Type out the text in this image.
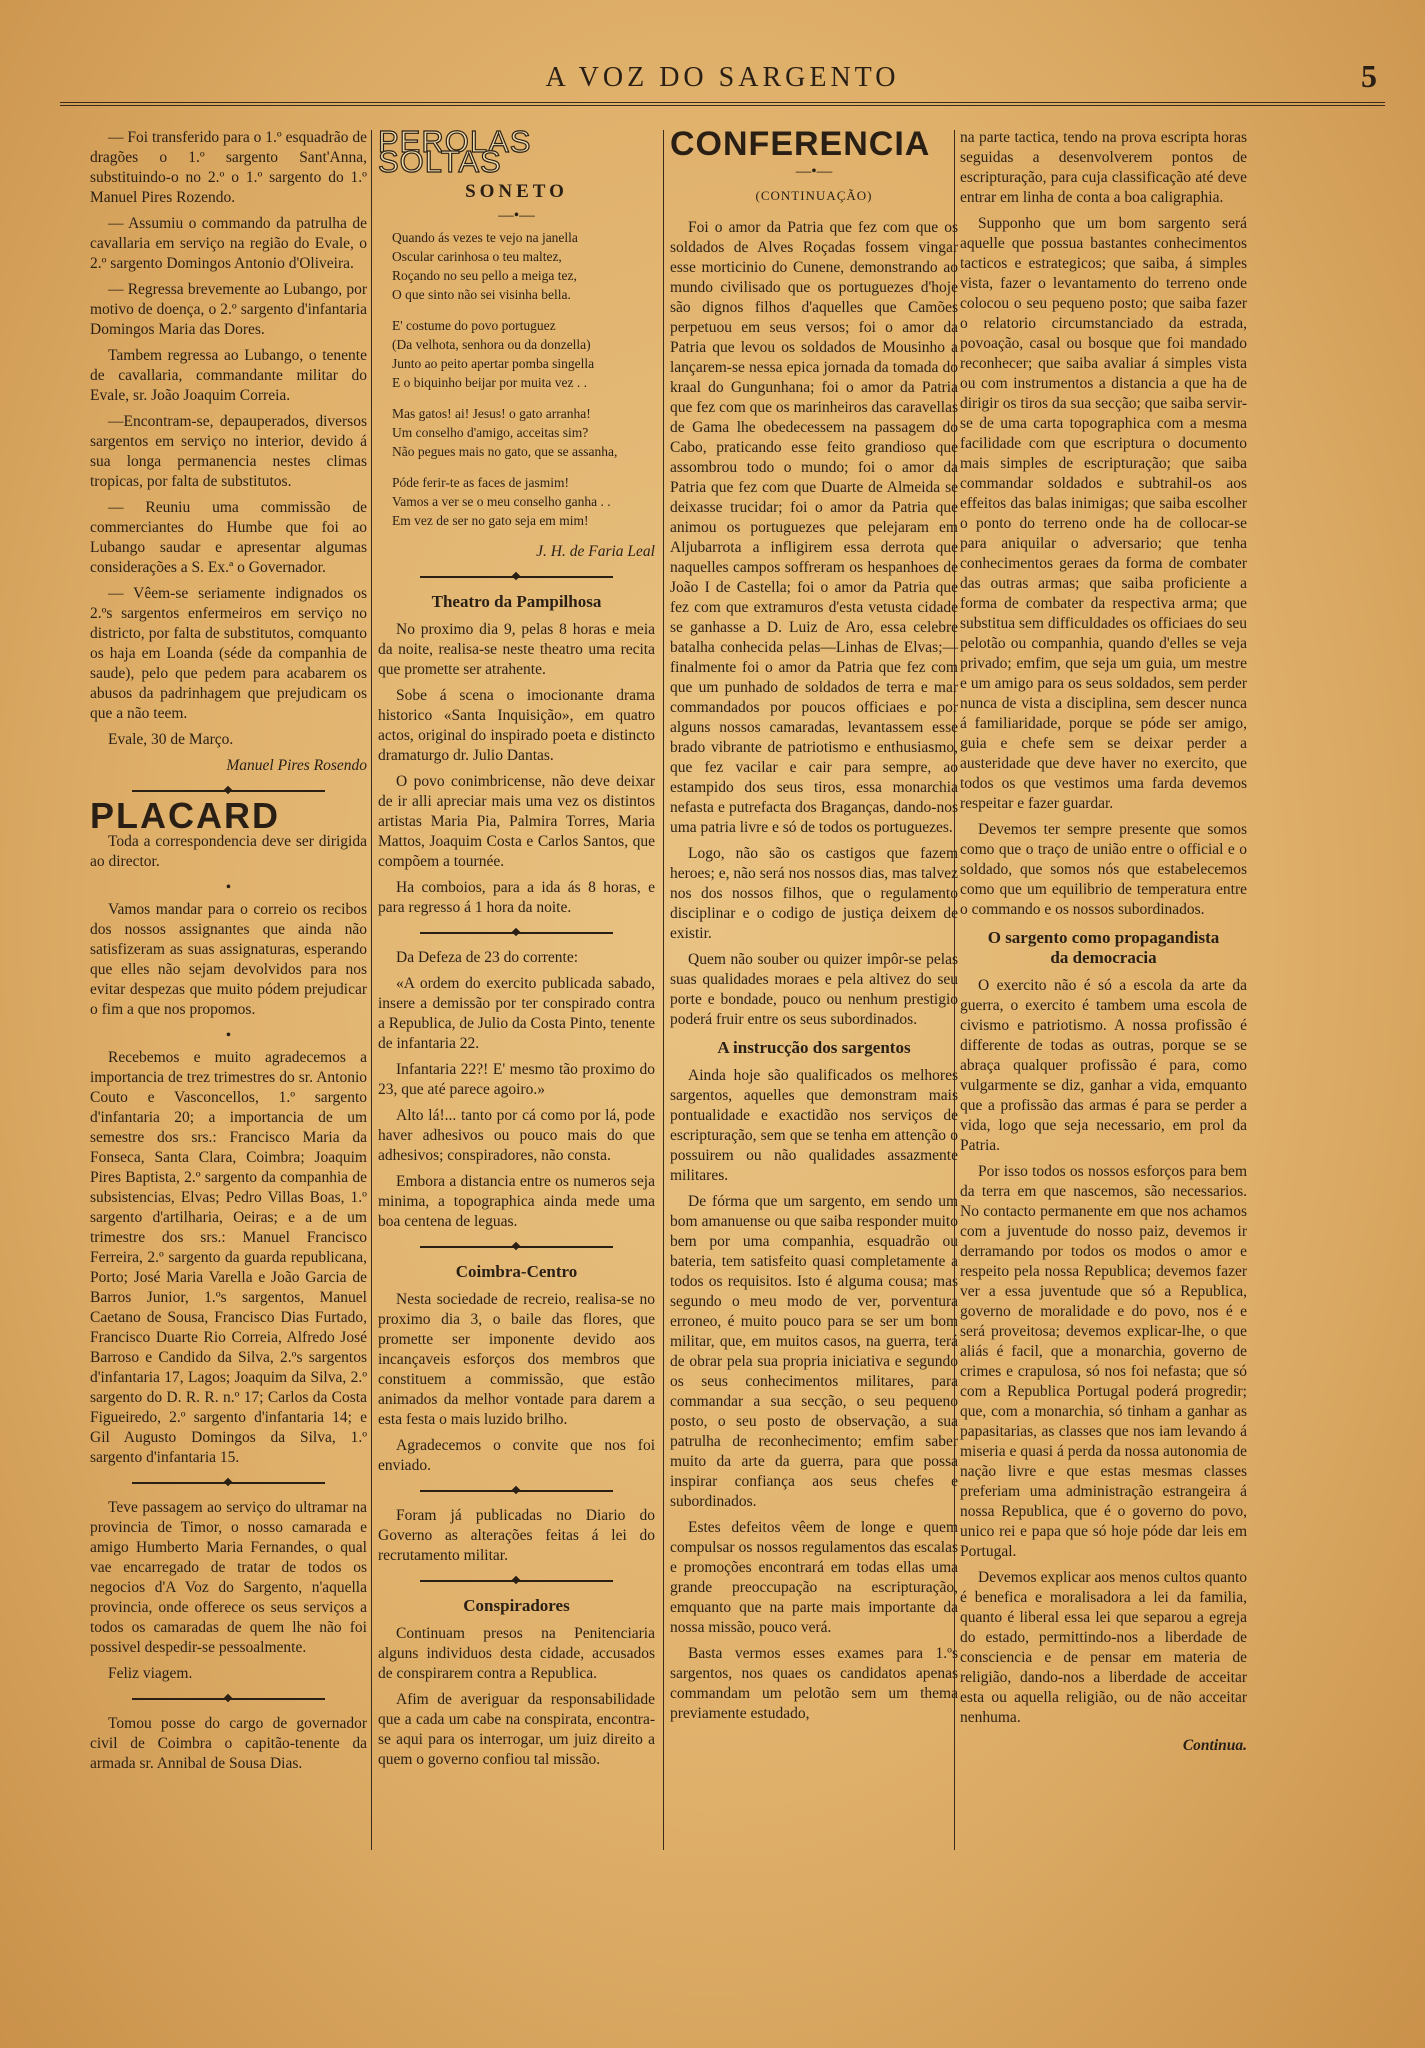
A VOZ DO SARGENTO	5

— Foi transferido para o 1.º esquadrão de dragões o 1.º sargento Sant'Anna, substituindo-o no 2.º o 1.º sargento do 1.º Manuel Pires Rozendo.

— Assumiu o commando da patrulha de cavallaria em serviço na região do Evale, o 2.º sargento Domingos Antonio d'Oliveira.

— Regressa brevemente ao Lubango, por motivo de doença, o 2.º sargento d'infantaria Domingos Maria das Dores.

Tambem regressa ao Lubango, o tenente de cavallaria, commandante militar do Evale, sr. João Joaquim Correia.

—Encontram-se, depauperados, diversos sargentos em serviço no interior, devido á sua longa permanencia nestes climas tropicas, por falta de substitutos.

— Reuniu uma commissão de commerciantes do Humbe que foi ao Lubango saudar e apresentar algumas considerações a S. Ex.ª o Governador.

— Vêem-se seriamente indignados os 2.ºs sargentos enfermeiros em serviço no districto, por falta de substitutos, comquanto os haja em Loanda (séde da companhia de saude), pelo que pedem para acabarem os abusos da padrinhagem que prejudicam os que a não teem.

Evale, 30 de Março.
Manuel Pires Rosendo
PLACARD

Toda a correspondencia deve ser dirigida ao director.

•

Vamos mandar para o correio os recibos dos nossos assignantes que ainda não satisfizeram as suas assignaturas, esperando que elles não sejam devolvidos para nos evitar despezas que muito pódem prejudicar o fim a que nos propomos.

•

Recebemos e muito agradecemos a importancia de trez trimestres do sr. Antonio Couto e Vasconcellos, 1.º sargento d'infantaria 20; a importancia de um semestre dos srs.: Francisco Maria da Fonseca, Santa Clara, Coimbra; Joaquim Pires Baptista, 2.º sargento da companhia de subsistencias, Elvas; Pedro Villas Boas, 1.º sargento d'artilharia, Oeiras; e a de um trimestre dos srs.: Manuel Francisco Ferreira, 2.º sargento da guarda republicana, Porto; José Maria Varella e João Garcia de Barros Junior, 1.ºs sargentos, Manuel Caetano de Sousa, Francisco Dias Furtado, Francisco Duarte Rio Correia, Alfredo José Barroso e Candido da Silva, 2.ºs sargentos d'infantaria 17, Lagos; Joaquim da Silva, 2.º sargento do D. R. R. n.º 17; Carlos da Costa Figueiredo, 2.º sargento d'infantaria 14; e Gil Augusto Domingos da Silva, 1.º sargento d'infantaria 15.

Teve passagem ao serviço do ultramar na provincia de Timor, o nosso camarada e amigo Humberto Maria Fernandes, o qual vae encarregado de tratar de todos os negocios d'A Voz do Sargento, n'aquella provincia, onde offerece os seus serviços a todos os camaradas de quem lhe não foi possivel despedir-se pessoalmente.

Feliz viagem.

Tomou posse do cargo de governador civil de Coimbra o capitão-tenente da armada sr. Annibal de Sousa Dias.

PEROLAS SOLTAS
SONETO
—•—
Quando ás vezes te vejo na janella
Oscular carinhosa o teu maltez,
Roçando no seu pello a meiga tez,
O que sinto não sei visinha bella.
E' costume do povo portuguez
(Da velhota, senhora ou da donzella)
Junto ao peito apertar pomba singella
E o biquinho beijar por muita vez . .
Mas gatos! ai! Jesus! o gato arranha!
Um conselho d'amigo, acceitas sim?
Não pegues mais no gato, que se assanha,
Póde ferir-te as faces de jasmim!
Vamos a ver se o meu conselho ganha . .
Em vez de ser no gato seja em mim!
J. H. de Faria Leal
Theatro da Pampilhosa

No proximo dia 9, pelas 8 horas e meia da noite, realisa-se neste theatro uma recita que promette ser atrahente.

Sobe á scena o imocionante drama historico «Santa Inquisição», em quatro actos, original do inspirado poeta e distincto dramaturgo dr. Julio Dantas.

O povo conimbricense, não deve deixar de ir alli apreciar mais uma vez os distintos artistas Maria Pia, Palmira Torres, Maria Mattos, Joaquim Costa e Carlos Santos, que compõem a tournée.

Ha comboios, para a ida ás 8 horas, e para regresso á 1 hora da noite.

Da Defeza de 23 do corrente:

«A ordem do exercito publicada sabado, insere a demissão por ter conspirado contra a Republica, de Julio da Costa Pinto, tenente de infantaria 22.

Infantaria 22?! E' mesmo tão proximo do 23, que até parece agoiro.»

Alto lá!... tanto por cá como por lá, pode haver adhesivos ou pouco mais do que adhesivos; conspiradores, não consta.

Embora a distancia entre os numeros seja minima, a topographica ainda mede uma boa centena de leguas.

Coimbra-Centro

Nesta sociedade de recreio, realisa-se no proximo dia 3, o baile das flores, que promette ser imponente devido aos incançaveis esforços dos membros que constituem a commissão, que estão animados da melhor vontade para darem a esta festa o mais luzido brilho.

Agradecemos o convite que nos foi enviado.

Foram já publicadas no Diario do Governo as alterações feitas á lei do recrutamento militar.

Conspiradores

Continuam presos na Penitenciaria alguns individuos desta cidade, accusados de conspirarem contra a Republica.

Afim de averiguar da responsabilidade que a cada um cabe na conspirata, encontra-se aqui para os interrogar, um juiz direito a quem o governo confiou tal missão.

CONFERENCIA
—•—
(CONTINUAÇÃO)

Foi o amor da Patria que fez com que os soldados de Alves Roçadas fossem vingar esse morticinio do Cunene, demonstrando ao mundo civilisado que os portuguezes d'hoje são dignos filhos d'aquelles que Camões perpetuou em seus versos; foi o amor da Patria que levou os soldados de Mousinho a lançarem-se nessa epica jornada da tomada do kraal do Gungunhana; foi o amor da Patria que fez com que os marinheiros das caravellas de Gama lhe obedecessem na passagem do Cabo, praticando esse feito grandioso que assombrou todo o mundo; foi o amor da Patria que fez com que Duarte de Almeida se deixasse trucidar; foi o amor da Patria que animou os portuguezes que pelejaram em Aljubarrota a infligirem essa derrota que naquelles campos soffreram os hespanhoes de João I de Castella; foi o amor da Patria que fez com que extramuros d'esta vetusta cidade se ganhasse a D. Luiz de Aro, essa celebre batalha conhecida pelas—Linhas de Elvas;—finalmente foi o amor da Patria que fez com que um punhado de soldados de terra e mar commandados por poucos officiaes e por alguns nossos camaradas, levantassem esse brado vibrante de patriotismo e enthusiasmo, que fez vacilar e cair para sempre, ao estampido dos seus tiros, essa monarchia nefasta e putrefacta dos Braganças, dando-nos uma patria livre e só de todos os portuguezes.

Logo, não são os castigos que fazem heroes; e, não será nos nossos dias, mas talvez nos dos nossos filhos, que o regulamento disciplinar e o codigo de justiça deixem de existir.

Quem não souber ou quizer impôr-se pelas suas qualidades moraes e pela altivez do seu porte e bondade, pouco ou nenhum prestigio poderá fruir entre os seus subordinados.

A instrucção dos sargentos

Ainda hoje são qualificados os melhores sargentos, aquelles que demonstram mais pontualidade e exactidão nos serviços de escripturação, sem que se tenha em attenção o possuirem ou não qualidades assazmente militares.

De fórma que um sargento, em sendo um bom amanuense ou que saiba responder muito bem por uma companhia, esquadrão ou bateria, tem satisfeito quasi completamente a todos os requisitos. Isto é alguma cousa; mas segundo o meu modo de ver, porventura erroneo, é muito pouco para se ser um bom militar, que, em muitos casos, na guerra, terá de obrar pela sua propria iniciativa e segundo os seus conhecimentos militares, para commandar a sua secção, o seu pequeno posto, o seu posto de observação, a sua patrulha de reconhecimento; emfim saber muito da arte da guerra, para que possa inspirar confiança aos seus chefes e subordinados.

Estes defeitos vêem de longe e quem compulsar os nossos regulamentos das escalas e promoções encontrará em todas ellas uma grande preoccupação na escripturação, emquanto que na parte mais importante da nossa missão, pouco verá.

Basta vermos esses exames para 1.ºs sargentos, nos quaes os candidatos apenas commandam um pelotão sem um thema previamente estudado,

na parte tactica, tendo na prova escripta horas seguidas a desenvolverem pontos de escripturação, para cuja classificação até deve entrar em linha de conta a boa caligraphia.

Supponho que um bom sargento será aquelle que possua bastantes conhecimentos tacticos e estrategicos; que saiba, á simples vista, fazer o levantamento do terreno onde colocou o seu pequeno posto; que saiba fazer o relatorio circumstanciado da estrada, povoação, casal ou bosque que foi mandado reconhecer; que saiba avaliar á simples vista ou com instrumentos a distancia a que ha de dirigir os tiros da sua secção; que saiba servir-se de uma carta topographica com a mesma facilidade com que escriptura o documento mais simples de escripturação; que saiba commandar soldados e subtrahil-os aos effeitos das balas inimigas; que saiba escolher o ponto do terreno onde ha de collocar-se para aniquilar o adversario; que tenha conhecimentos geraes da forma de combater das outras armas; que saiba proficiente a forma de combater da respectiva arma; que substitua sem difficuldades os officiaes do seu pelotão ou companhia, quando d'elles se veja privado; emfim, que seja um guia, um mestre e um amigo para os seus soldados, sem perder nunca de vista a disciplina, sem descer nunca á familiaridade, porque se póde ser amigo, guia e chefe sem se deixar perder a austeridade que deve haver no exercito, que todos os que vestimos uma farda devemos respeitar e fazer guardar.

Devemos ter sempre presente que somos como que o traço de união entre o official e o soldado, que somos nós que estabelecemos como que um equilibrio de temperatura entre o commando e os nossos subordinados.

O sargento como propagandista
da democracia

O exercito não é só a escola da arte da guerra, o exercito é tambem uma escola de civismo e patriotismo. A nossa profissão é differente de todas as outras, porque se se abraça qualquer profissão é para, como vulgarmente se diz, ganhar a vida, emquanto que a profissão das armas é para se perder a vida, logo que seja necessario, em prol da Patria.

Por isso todos os nossos esforços para bem da terra em que nascemos, são necessarios. No contacto permanente em que nos achamos com a juventude do nosso paiz, devemos ir derramando por todos os modos o amor e respeito pela nossa Republica; devemos fazer ver a essa juventude que só a Republica, governo de moralidade e do povo, nos é e será proveitosa; devemos explicar-lhe, o que aliás é facil, que a monarchia, governo de crimes e crapulosa, só nos foi nefasta; que só com a Republica Portugal poderá progredir; que, com a monarchia, só tinham a ganhar as papasitarias, as classes que nos iam levando á miseria e quasi á perda da nossa autonomia de nação livre e que estas mesmas classes preferiam uma administração estrangeira á nossa Republica, que é o governo do povo, unico rei e papa que só hoje póde dar leis em Portugal.

Devemos explicar aos menos cultos quanto é benefica e moralisadora a lei da familia, quanto é liberal essa lei que separou a egreja do estado, permittindo-nos a liberdade de consciencia e de pensar em materia de religião, dando-nos a liberdade de acceitar esta ou aquella religião, ou de não acceitar nenhuma.

Continua.
